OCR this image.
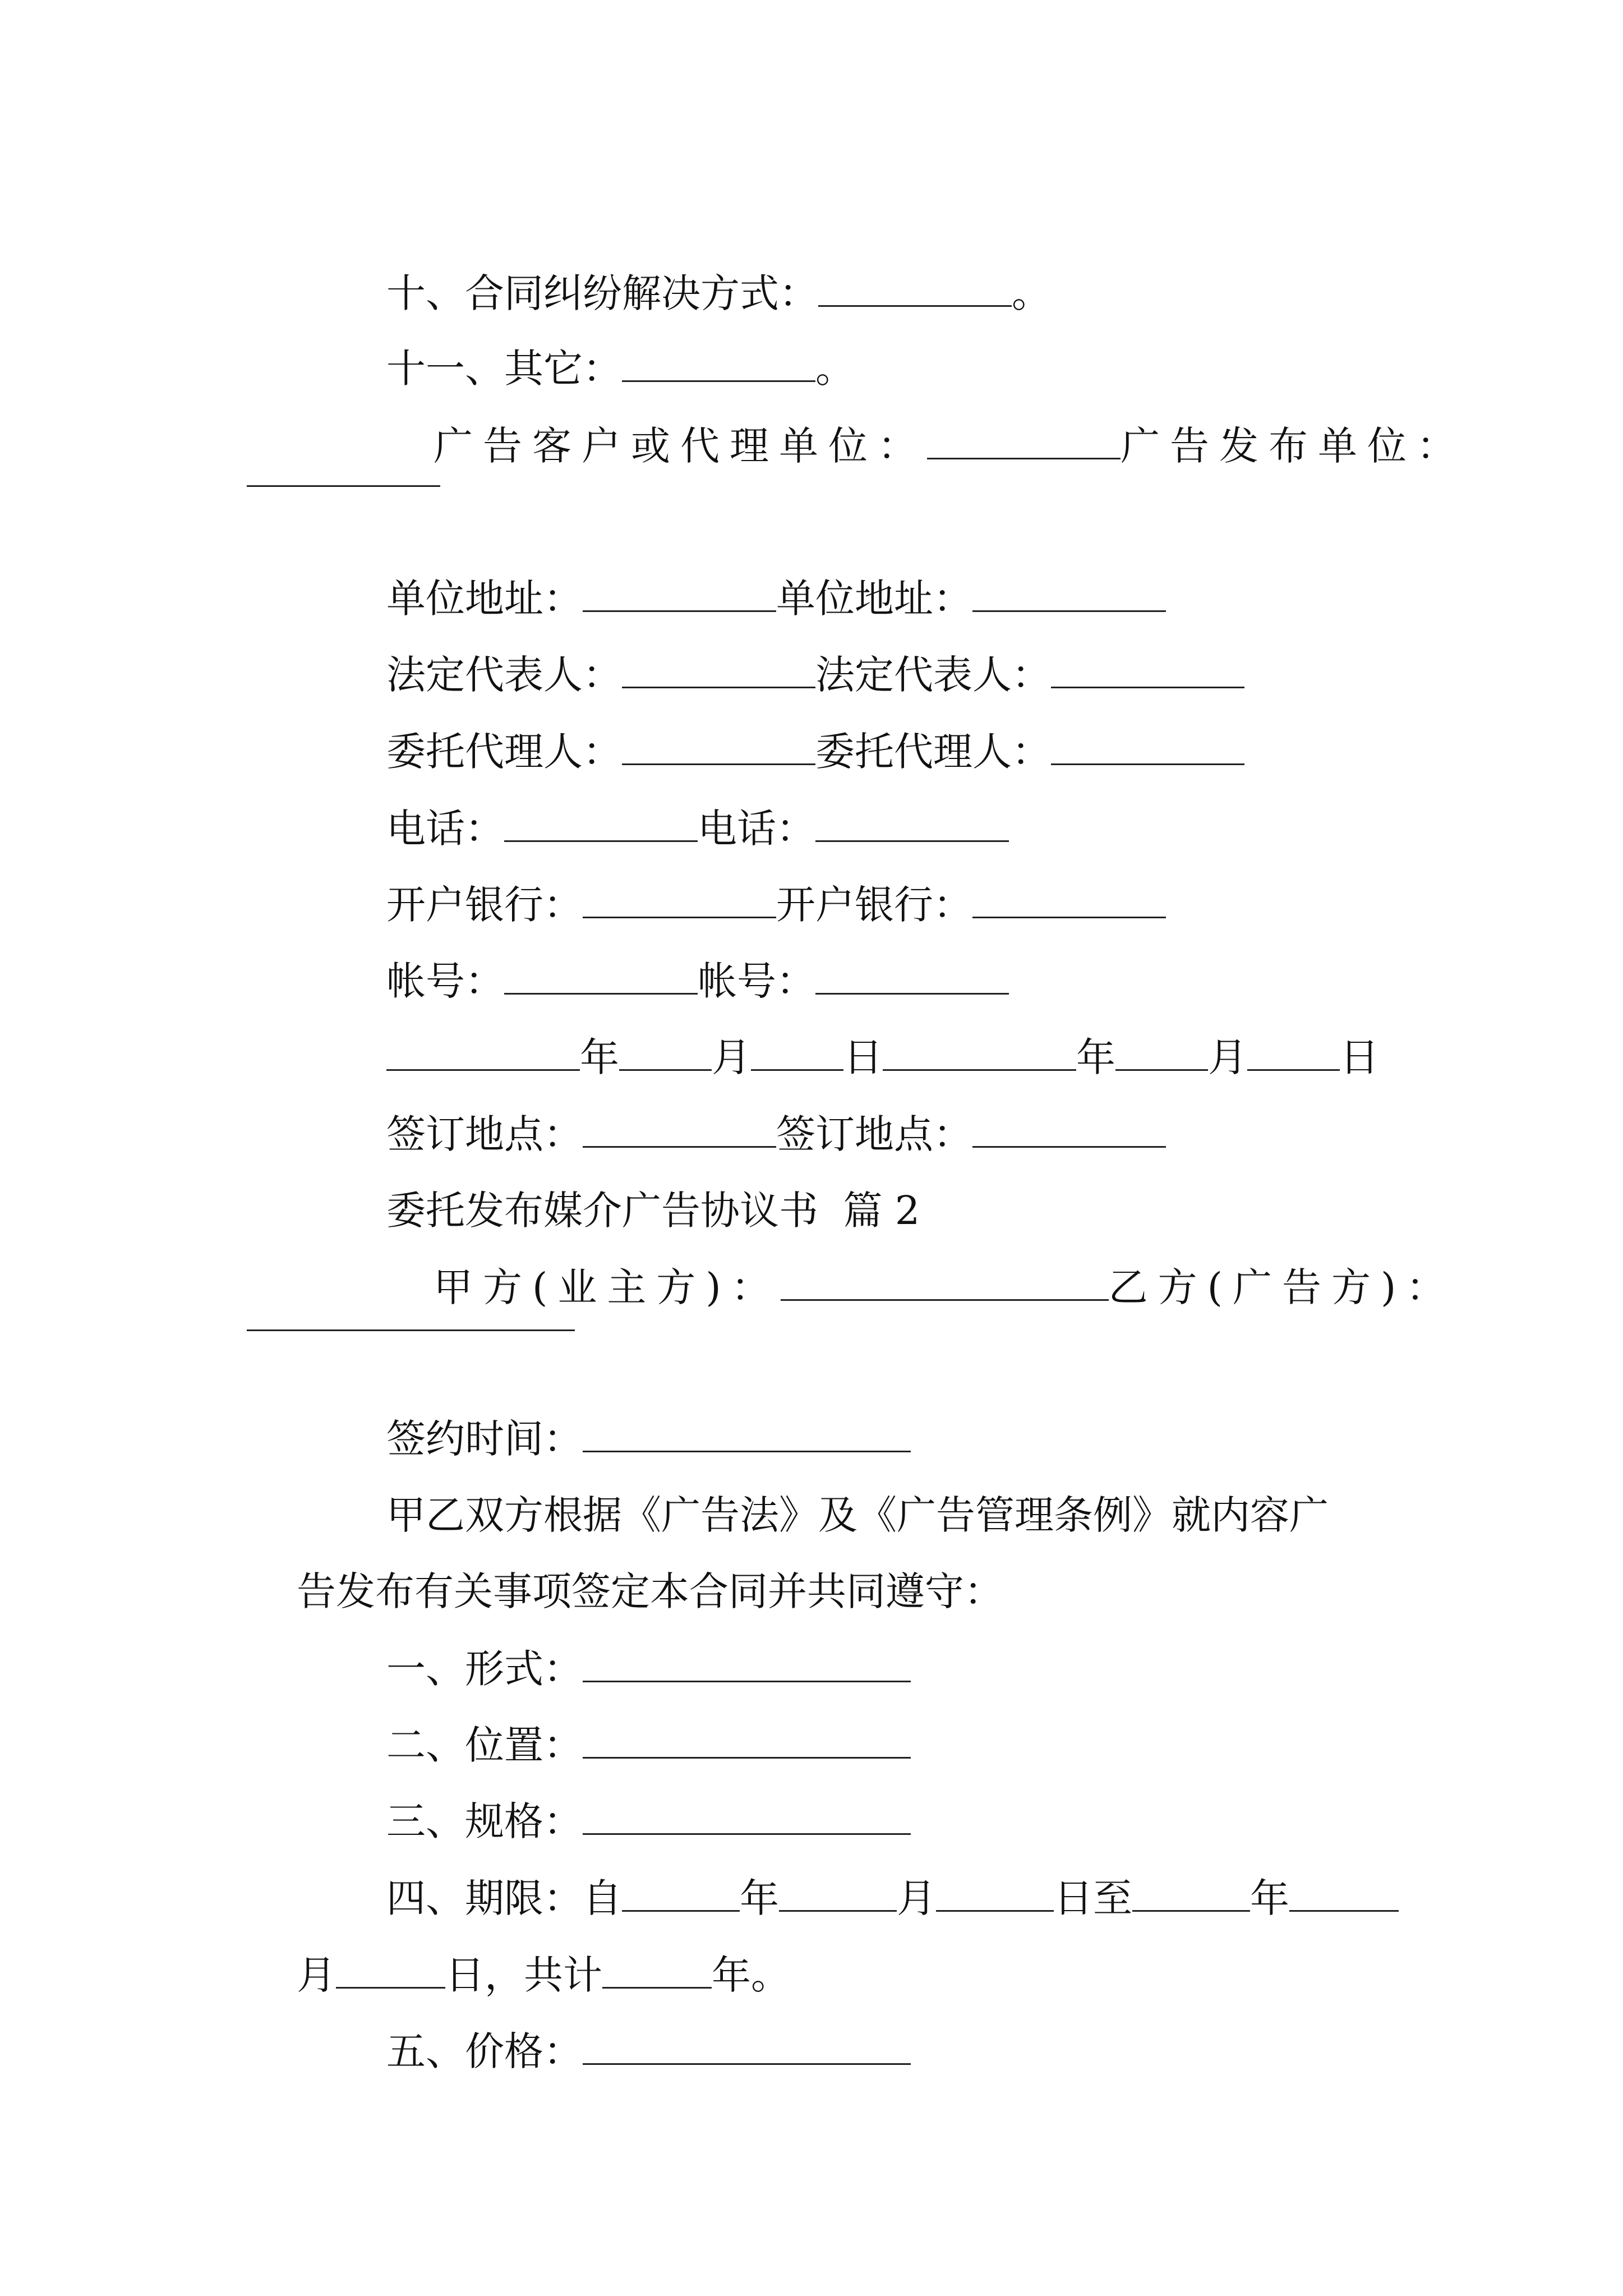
十、合同纠纷解决方式：	。

十一、其它：	。

广告客户或代理单位：	广告发布单位：

单位地址：	单位地址：

法定代表人：	法定代表人：

委托代理人：	委托代理人：

电话：	电话：

开户银行：	开户银行：

帐号：	帐号：

年 月 日	年 月 日

签订地点：	签订地点：

委托发布媒介广告协议书  篇 2

甲方(业主方)：	乙方(广告方)：

签约时间：

甲乙双方根据《广告法》及《广告管理条例》就内容广

告发布有关事项签定本合同并共同遵守：

一、形式：

二、位置：

三、规格：

四、期限：自	年	月	日至	年

月	日，共计	年。

五、价格：
